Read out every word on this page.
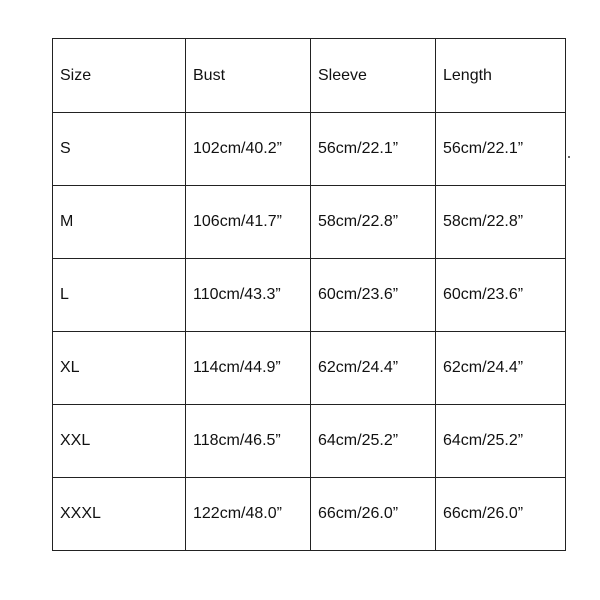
Size	Bust	Sleeve	Length
S	102cm/40.2”	56cm/22.1”	56cm/22.1”
M	106cm/41.7”	58cm/22.8”	58cm/22.8”
L	110cm/43.3”	60cm/23.6”	60cm/23.6”
XL	114cm/44.9”	62cm/24.4”	62cm/24.4”
XXL	118cm/46.5”	64cm/25.2”	64cm/25.2”
XXXL	122cm/48.0”	66cm/26.0”	66cm/26.0”
